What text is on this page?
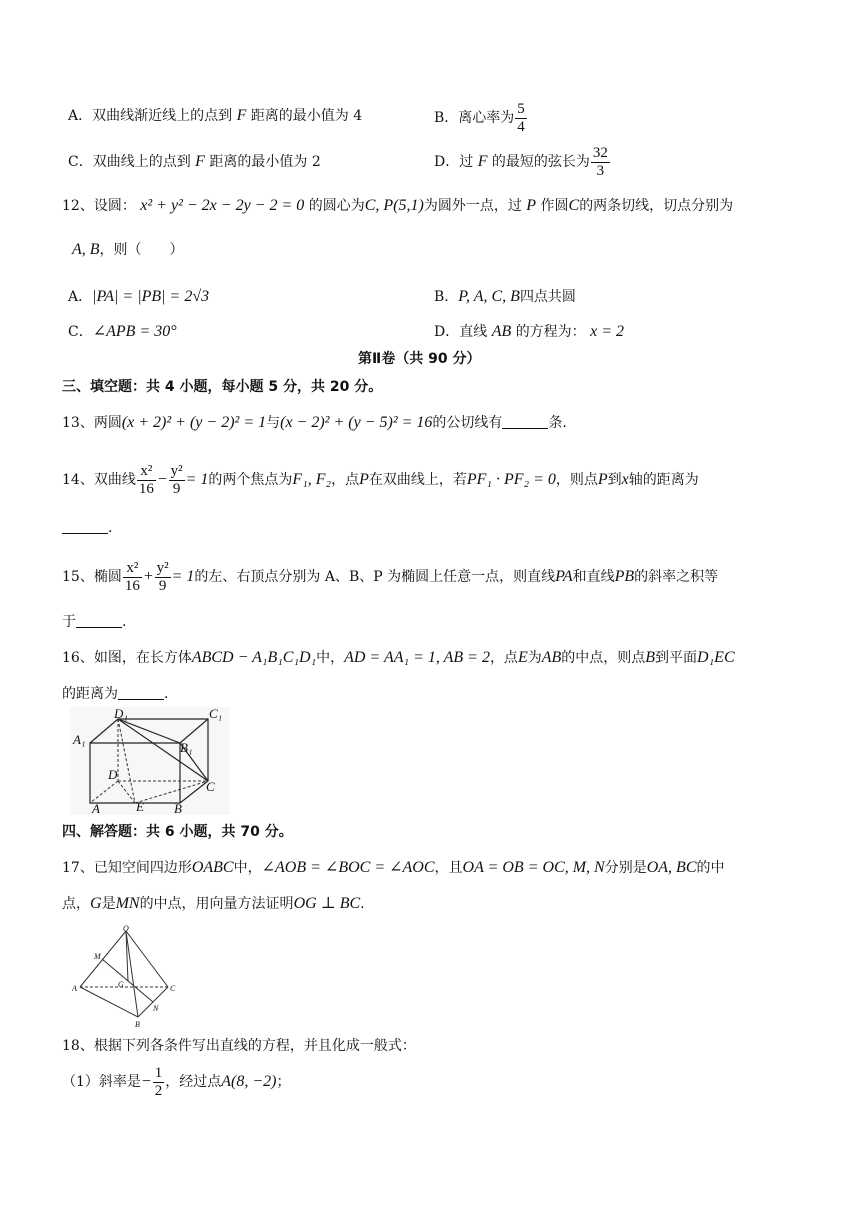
A．双曲线渐近线上的点到 F 距离的最小值为 4	B．离心率为 $\frac{5}{4}$
C．双曲线上的点到 F 距离的最小值为 2	D．过 F 的最短的弦长为 $\frac{32}{3}$
12、设圆： x² + y² − 2x − 2y − 2 = 0 的圆心为C, P(5,1)为圆外一点，过 P 作圆C的两条切线，切点分别为
A, B，则（　　）
A．|PA| = |PB| = 2√3	B．P, A, C, B四点共圆
C．∠APB = 30°	D．直线 AB 的方程为： x = 2
第Ⅱ卷（共 90 分）
三、填空题：共 4 小题，每小题 5 分，共 20 分。
13、两圆(x + 2)² + (y − 2)² = 1与(x − 2)² + (y − 5)² = 16的公切线有	条.
14、双曲线 $\frac{\text{x²}}{16} - \frac{\text{y²}}{9} = 1$的两个焦点为F₁, F₂，点P在双曲线上，若PF₁ · PF₂ = 0，则点P到x轴的距离为
.
15、椭圆 $\frac{\text{x²}}{16} + \frac{\text{y²}}{9} = 1$的左、右顶点分别为 A、B、P 为椭圆上任意一点，则直线PA和直线PB的斜率之积等
于	.
16、如图，在长方体ABCD − A₁B₁C₁D₁中，AD = AA₁ = 1, AB = 2，点E为AB的中点，则点B到平面D₁EC
的距离为	.
D₁	C₁
A₁
B₁
D
C
A	E B
四、解答题：共 6 小题，共 70 分。
17、已知空间四边形OABC中，∠AOB = ∠BOC = ∠AOC，且OA = OB = OC, M, N分别是OA, BC的中
点，G是MN的中点，用向量方法证明OG ⊥ BC.
O
M
A	G	C
N
B
18、根据下列各条件写出直线的方程，并且化成一般式：
（1）斜率是− $\frac{1}{2}$ ，经过点A(8, −2)；
